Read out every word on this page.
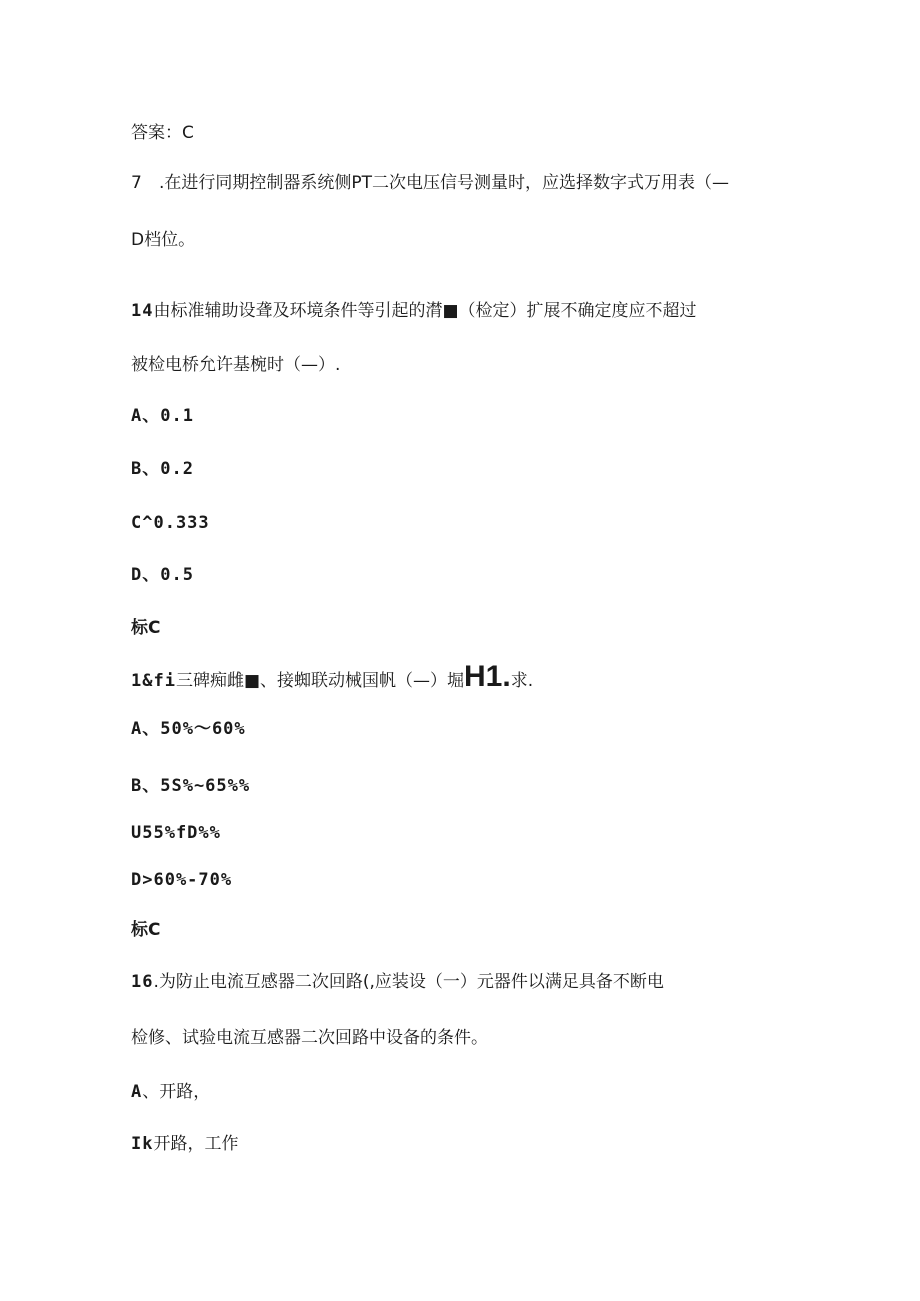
答案：C
7 .在进行同期控制器系统侧PT二次电压信号测量时，应选择数字式万用表（—
D档位。
14由标准辅助设聋及环境条件等引起的潸■（检定）扩展不确定度应不超过
被检电桥允许基椀时（—）.
A、0.1
B、0.2
C^0.333
D、0.5
标C
1&fi三碑痴雌■、接蜘联动械国帆（—）堀H1.求.
A、50%〜60%
B、5S%~65%%
U55%fD%%
D>60%-70%
标C
16.为防止电流互感器二次回路(,应装设（一）元器件以满足具备不断电
检修、试验电流互感器二次回路中设备的条件。
A、开路，
Ik开路，工作
